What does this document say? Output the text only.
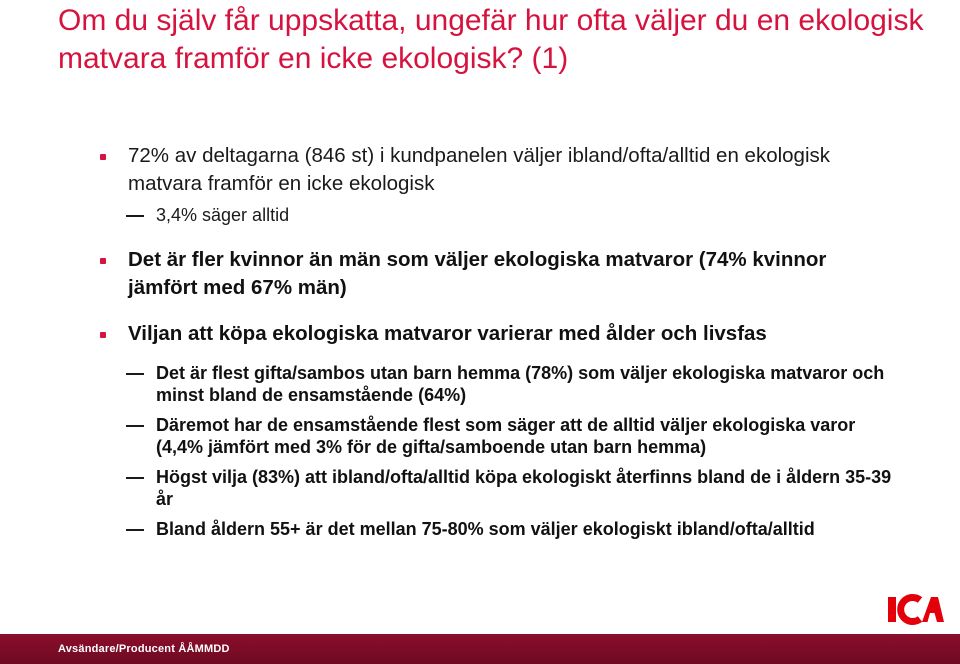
Om du själv får uppskatta, ungefär hur ofta väljer du en ekologisk matvara framför en icke ekologisk? (1)
72% av deltagarna (846 st) i kundpanelen väljer ibland/ofta/alltid en ekologisk matvara framför en icke ekologisk
3,4% säger alltid
Det är fler kvinnor än män som väljer ekologiska matvaror (74% kvinnor jämfört med 67% män)
Viljan att köpa ekologiska matvaror varierar med ålder och livsfas
Det är flest gifta/sambos utan barn hemma (78%) som väljer ekologiska matvaror och minst bland de ensamstående (64%)
Däremot har de ensamstående flest som säger att de alltid väljer ekologiska varor (4,4% jämfört med 3% för de gifta/samboende utan barn hemma)
Högst vilja (83%) att ibland/ofta/alltid köpa ekologiskt återfinns bland de i åldern 35-39 år
Bland åldern 55+ är det mellan 75-80% som väljer ekologiskt ibland/ofta/alltid
Avsändare/Producent ÅÅMMDD
